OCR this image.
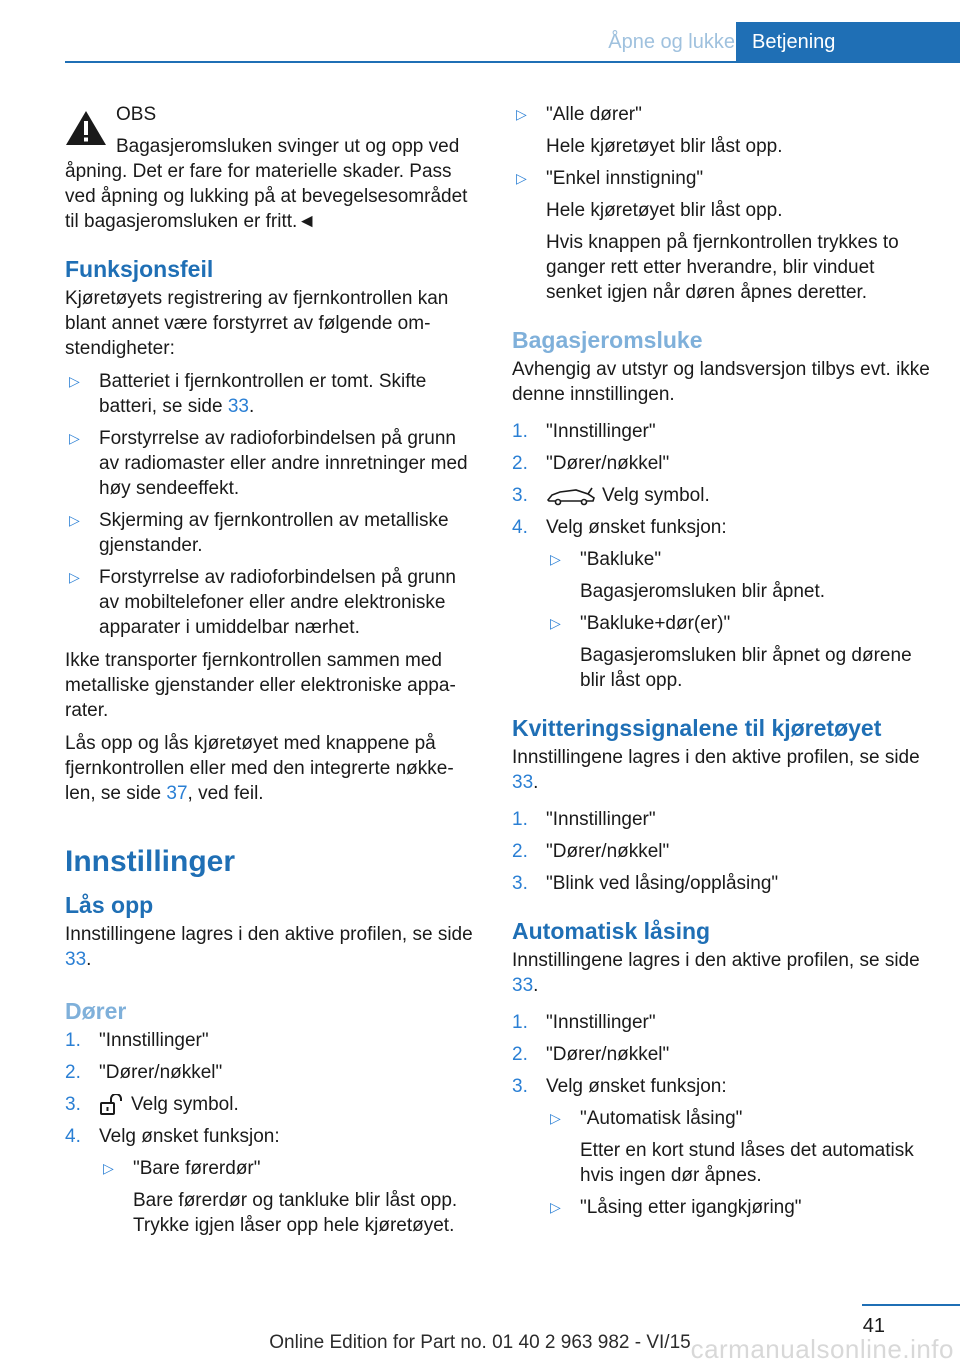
Åpne og lukke Betjening

OBS

Bagasjeromsluken svinger ut og opp ved

åpning. Det er fare for materielle skader. Pass ved åpning og lukking på at bevegelsesområdet til bagasjeromsluken er fritt.◄

Funksjonsfeil

Kjøretøyets registrering av fjernkontrollen kan blant annet være forstyrret av følgende omstendigheter:

▷ Batteriet i fjernkontrollen er tomt. Skifte batteri, se side 33.
▷ Forstyrrelse av radioforbindelsen på grunn av radiomaster eller andre innretninger med høy sendeeffekt.
▷ Skjerming av fjernkontrollen av metalliske gjenstander.
▷ Forstyrrelse av radioforbindelsen på grunn av mobiltelefoner eller andre elektroniske apparater i umiddelbar nærhet.

Ikke transporter fjernkontrollen sammen med metalliske gjenstander eller elektroniske apparater.

Lås opp og lås kjøretøyet med knappene på fjernkontrollen eller med den integrerte nøkkelen, se side 37, ved feil.

Innstillinger
Lås opp

Innstillingene lagres i den aktive profilen, se side 33.

Dører
1. "Innstillinger"
2. "Dører/nøkkel"
3.	Velg symbol.
4. Velg ønsket funksjon:
▷ "Bare førerdør"
Bare førerdør og tankluke blir låst opp. Trykke igjen låser opp hele kjøretøyet.
▷ "Alle dører"
Hele kjøretøyet blir låst opp.
▷ "Enkel innstigning"
Hele kjøretøyet blir låst opp.
Hvis knappen på fjernkontrollen trykkes to ganger rett etter hverandre, blir vinduet senket igjen når døren åpnes deretter.
Bagasjeromsluke

Avhengig av utstyr og landsversjon tilbys evt. ikke denne innstillingen.

1. "Innstillinger"
2. "Dører/nøkkel"
3.	Velg symbol.
4. Velg ønsket funksjon:
▷ "Bakluke"
Bagasjeromsluken blir åpnet.
▷ "Bakluke+dør(er)"
Bagasjeromsluken blir åpnet og dørene blir låst opp.
Kvitteringssignalene til kjøretøyet

Innstillingene lagres i den aktive profilen, se side 33.

1. "Innstillinger"
2. "Dører/nøkkel"
3. "Blink ved låsing/opplåsing"
Automatisk låsing

Innstillingene lagres i den aktive profilen, se side 33.

1. "Innstillinger"
2. "Dører/nøkkel"
3. Velg ønsket funksjon:
▷ "Automatisk låsing"
Etter en kort stund låses det automatisk hvis ingen dør åpnes.
▷ "Låsing etter igangkjøring"
41
Online Edition for Part no. 01 40 2 963 982 - VI/15 carmanualsonline.info
